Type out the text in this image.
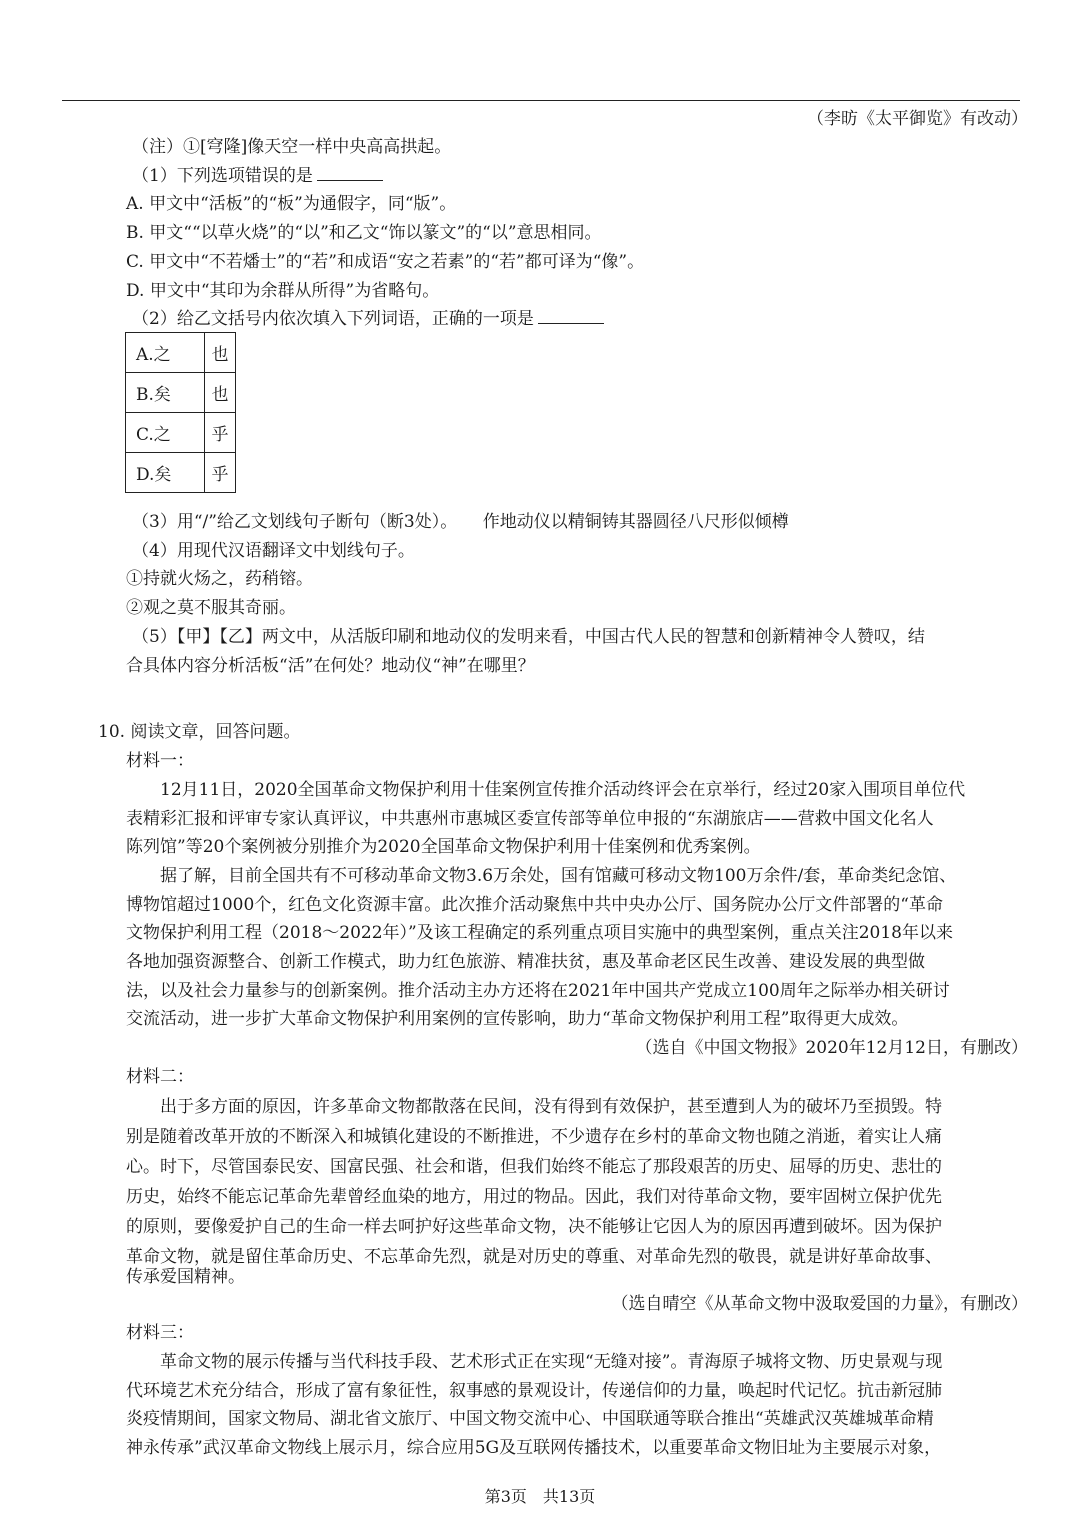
（李昉《太平御览》有改动）
（注）①[穹隆]像天空一样中央高高拱起。
（1）下列选项错误的是
A. 甲文中“活板”的“板”为通假字，同“版”。
B. 甲文““以草火烧”的“以”和乙文“饰以篆文”的“以”意思相同。
C. 甲文中“不若燔士”的“若”和成语“安之若素”的“若”都可译为“像”。
D. 甲文中“其印为余群从所得”为省略句。
（2）给乙文括号内依次填入下列词语，正确的一项是
A.之	也
B.矣	也
C.之	乎
D.矣	乎
（3）用“/”给乙文划线句子断句（断3处）。　　作地动仪以精铜铸其器圆径八尺形似倾樽
（4）用现代汉语翻译文中划线句子。
①持就火炀之，药稍镕。
②观之莫不服其奇丽。
（5）【甲】【乙】两文中，从活版印刷和地动仪的发明来看，中国古代人民的智慧和创新精神令人赞叹，结
合具体内容分析活板“活”在何处？地动仪“神”在哪里？
10. 阅读文章，回答问题。
材料一：
12月11日，2020全国革命文物保护利用十佳案例宣传推介活动终评会在京举行，经过20家入围项目单位代
表精彩汇报和评审专家认真评议，中共惠州市惠城区委宣传部等单位申报的“东湖旅店——营救中国文化名人
陈列馆”等20个案例被分别推介为2020全国革命文物保护利用十佳案例和优秀案例。
据了解，目前全国共有不可移动革命文物3.6万余处，国有馆藏可移动文物100万余件/套，革命类纪念馆、
博物馆超过1000个，红色文化资源丰富。此次推介活动聚焦中共中央办公厅、国务院办公厅文件部署的“革命
文物保护利用工程（2018～2022年）”及该工程确定的系列重点项目实施中的典型案例，重点关注2018年以来
各地加强资源整合、创新工作模式，助力红色旅游、精准扶贫，惠及革命老区民生改善、建设发展的典型做
法，以及社会力量参与的创新案例。推介活动主办方还将在2021年中国共产党成立100周年之际举办相关研讨
交流活动，进一步扩大革命文物保护利用案例的宣传影响，助力“革命文物保护利用工程”取得更大成效。
（选自《中国文物报》2020年12月12日，有删改）
材料二：
出于多方面的原因，许多革命文物都散落在民间，没有得到有效保护，甚至遭到人为的破坏乃至损毁。特
别是随着改革开放的不断深入和城镇化建设的不断推进，不少遗存在乡村的革命文物也随之消逝，着实让人痛
心。时下，尽管国泰民安、国富民强、社会和谐，但我们始终不能忘了那段艰苦的历史、屈辱的历史、悲壮的
历史，始终不能忘记革命先辈曾经血染的地方，用过的物品。因此，我们对待革命文物，要牢固树立保护优先
的原则，要像爱护自己的生命一样去呵护好这些革命文物，决不能够让它因人为的原因再遭到破坏。因为保护
革命文物，就是留住革命历史、不忘革命先烈，就是对历史的尊重、对革命先烈的敬畏，就是讲好革命故事、
传承爱国精神。
（选自晴空《从革命文物中汲取爱国的力量》，有删改）
材料三：
革命文物的展示传播与当代科技手段、艺术形式正在实现“无缝对接”。青海原子城将文物、历史景观与现
代环境艺术充分结合，形成了富有象征性，叙事感的景观设计，传递信仰的力量，唤起时代记忆。抗击新冠肺
炎疫情期间，国家文物局、湖北省文旅厅、中国文物交流中心、中国联通等联合推出“英雄武汉英雄城革命精
神永传承”武汉革命文物线上展示月，综合应用5G及互联网传播技术，以重要革命文物旧址为主要展示对象，
第3页　共13页
